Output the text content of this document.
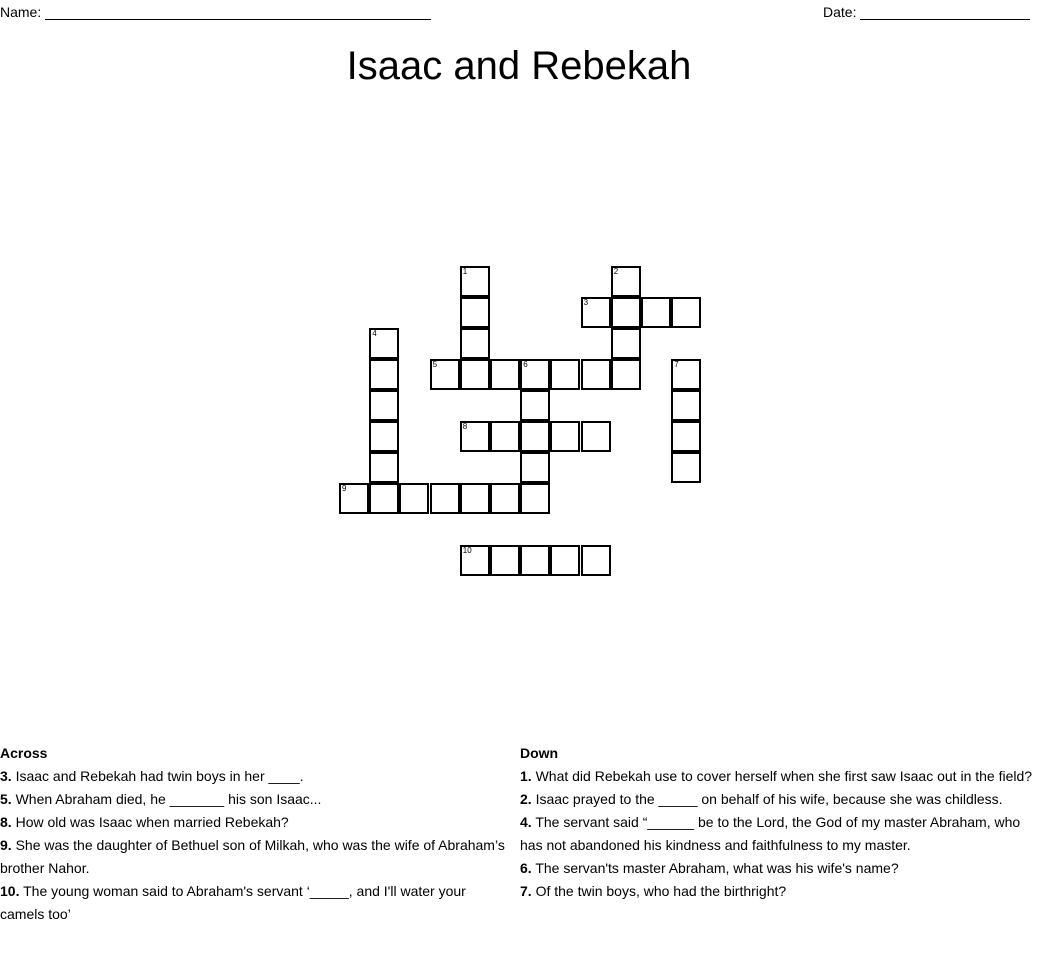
Name:	Date:
Isaac and Rebekah
1	2
3
4
5	6	7
8
9
10
Across
3. Isaac and Rebekah had twin boys in her ____.
5. When Abraham died, he _______ his son Isaac...
8. How old was Isaac when married Rebekah?
9. She was the daughter of Bethuel son of Milkah, who was the wife of Abraham’s brother Nahor.
10. The young woman said to Abraham's servant ‘_____, and I'll water your camels too’
Down
1. What did Rebekah use to cover herself when she first saw Isaac out in the field?
2. Isaac prayed to the _____ on behalf of his wife, because she was childless.
4. The servant said “______ be to the Lord, the God of my master Abraham, who has not abandoned his kindness and faithfulness to my master.
6. The servan'ts master Abraham, what was his wife's name?
7. Of the twin boys, who had the birthright?
